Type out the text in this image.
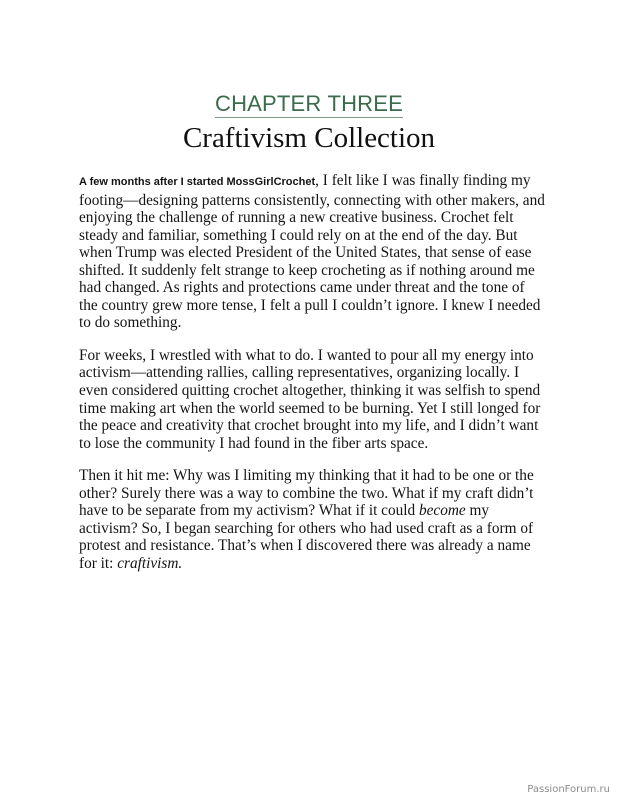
CHAPTER THREE
Craftivism Collection

A few months after I started MossGirlCrochet, I felt like I was finally finding my footing—designing patterns consistently, connecting with other makers, and enjoying the challenge of running a new creative business. Crochet felt steady and familiar, something I could rely on at the end of the day. But when Trump was elected President of the United States, that sense of ease shifted. It suddenly felt strange to keep crocheting as if nothing around me had changed. As rights and protections came under threat and the tone of the country grew more tense, I felt a pull I couldn’t ignore. I knew I needed to do something.

For weeks, I wrestled with what to do. I wanted to pour all my energy into activism—attending rallies, calling representatives, organizing locally. I even considered quitting crochet altogether, thinking it was selfish to spend time making art when the world seemed to be burning. Yet I still longed for the peace and creativity that crochet brought into my life, and I didn’t want to lose the community I had found in the fiber arts space.

Then it hit me: Why was I limiting my thinking that it had to be one or the other? Surely there was a way to combine the two. What if my craft didn’t have to be separate from my activism? What if it could become my activism? So, I began searching for others who had used craft as a form of protest and resistance. That’s when I discovered there was already a name for it: craftivism.

PassionForum.ru
